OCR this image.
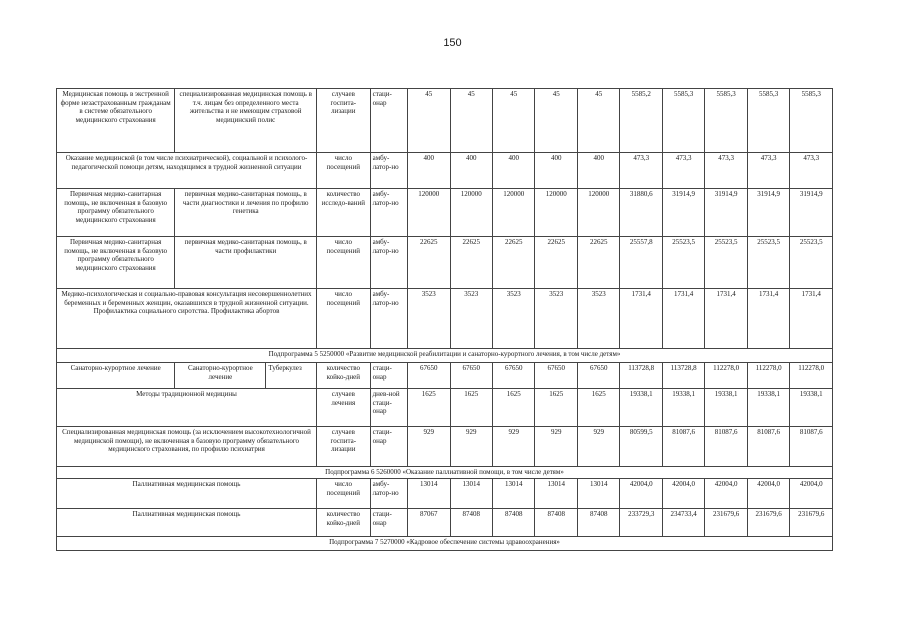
150
Медицинская помощь в экстренной форме незастрахованным гражданам в системе обязательного медицинского страхования	специализированная медицинская помощь в т.ч. лицам без определенного места жительства и не имеющим страховой медицинский полис		случаев госпита-лизации	стаци-онар	45	45	45	45	45	5585,2	5585,3	5585,3	5585,3	5585,3
Оказание медицинской (в том числе психиатрической), социальной и психолого-педагогической помощи детям, находящимся в трудной жизненной ситуации			число посещений	амбу-латор-но	400	400	400	400	400	473,3	473,3	473,3	473,3	473,3
Первичная медико-санитарная помощь, не включенная в базовую программу обязательного медицинского страхования	первичная медико-санитарная помощь, в части диагностики и лечения по профилю генетика		количество исследо-ваний	амбу-латор-но	120000	120000	120000	120000	120000	31880,6	31914,9	31914,9	31914,9	31914,9
Первичная медико-санитарная помощь, не включенная в базовую программу обязательного медицинского страхования	первичная медико-санитарная помощь, в части профилактики		число посещений	амбу-латор-но	22625	22625	22625	22625	22625	25557,8	25523,5	25523,5	25523,5	25523,5
Медико-психологическая и социально-правовая консультация несовершеннолетних беременных и беременных женщин, оказавшихся в трудной жизненной ситуации. Профилактика социального сиротства. Профилактика абортов			число посещений	амбу-латор-но	3523	3523	3523	3523	3523	1731,4	1731,4	1731,4	1731,4	1731,4
Подпрограмма 5 5250000 «Развитие медицинской реабилитации и санаторно-курортного лечения, в том числе детям»														
Санаторно-курортное лечение	Санаторно-курортное лечение	Туберкулез	количество койко-дней	стаци-онар	67650	67650	67650	67650	67650	113728,8	113728,8	112278,0	112278,0	112278,0
Методы традиционной медицины			случаев лечения	днев-ной стаци-онар	1625	1625	1625	1625	1625	19338,1	19338,1	19338,1	19338,1	19338,1
Специализированная медицинская помощь (за исключением высокотехнологичной медицинской помощи), не включенная в базовую программу обязательного медицинского страхования, по профилю психиатрия			случаев госпита-лизации	стаци-онар	929	929	929	929	929	80599,5	81087,6	81087,6	81087,6	81087,6
Подпрограмма 6 5260000 «Оказание паллиативной помощи, в том числе детям»														
Паллиативная медицинская помощь			число посещений	амбу-латор-но	13014	13014	13014	13014	13014	42004,0	42004,0	42004,0	42004,0	42004,0
Паллиативная медицинская помощь			количество койко-дней	стаци-онар	87067	87408	87408	87408	87408	233729,3	234733,4	231679,6	231679,6	231679,6
Подпрограмма 7 5270000 «Кадровое обеспечение системы здравоохранения»														
